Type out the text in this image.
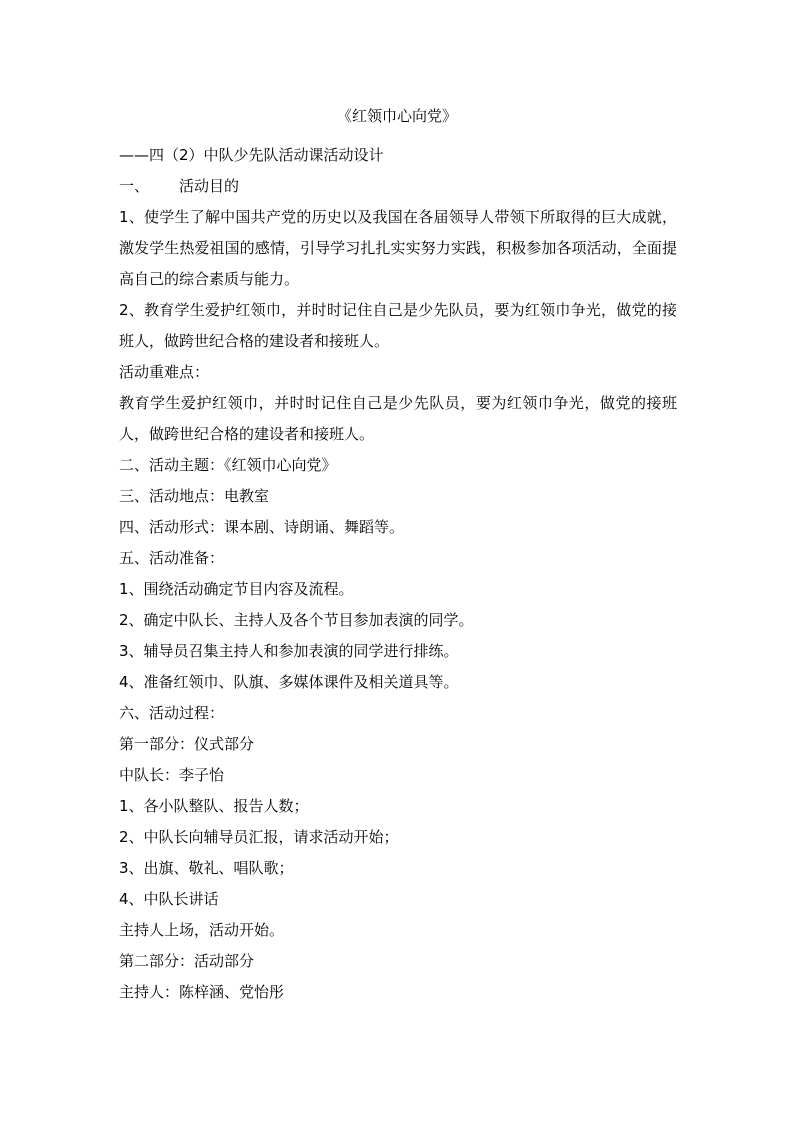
《红领巾心向党》
——四（2）中队少先队活动课活动设计
一、 活动目的
1、使学生了解中国共产党的历史以及我国在各届领导人带领下所取得的巨大成就，激发学生热爱祖国的感情，引导学习扎扎实实努力实践，积极参加各项活动，全面提高自己的综合素质与能力。
2、教育学生爱护红领巾，并时时记住自己是少先队员，要为红领巾争光，做党的接班人，做跨世纪合格的建设者和接班人。
活动重难点：
教育学生爱护红领巾，并时时记住自己是少先队员，要为红领巾争光，做党的接班人，做跨世纪合格的建设者和接班人。
二、活动主题：《红领巾心向党》
三、活动地点：电教室
四、活动形式：课本剧、诗朗诵、舞蹈等。
五、活动准备：
1、围绕活动确定节目内容及流程。
2、确定中队长、主持人及各个节目参加表演的同学。
3、辅导员召集主持人和参加表演的同学进行排练。
4、准备红领巾、队旗、多媒体课件及相关道具等。
六、活动过程：
第一部分：仪式部分
中队长：李子怡
1、各小队整队、报告人数；
2、中队长向辅导员汇报，请求活动开始；
3、出旗、敬礼、唱队歌；
4、中队长讲话
主持人上场，活动开始。
第二部分：活动部分
主持人：陈梓涵、党怡彤
